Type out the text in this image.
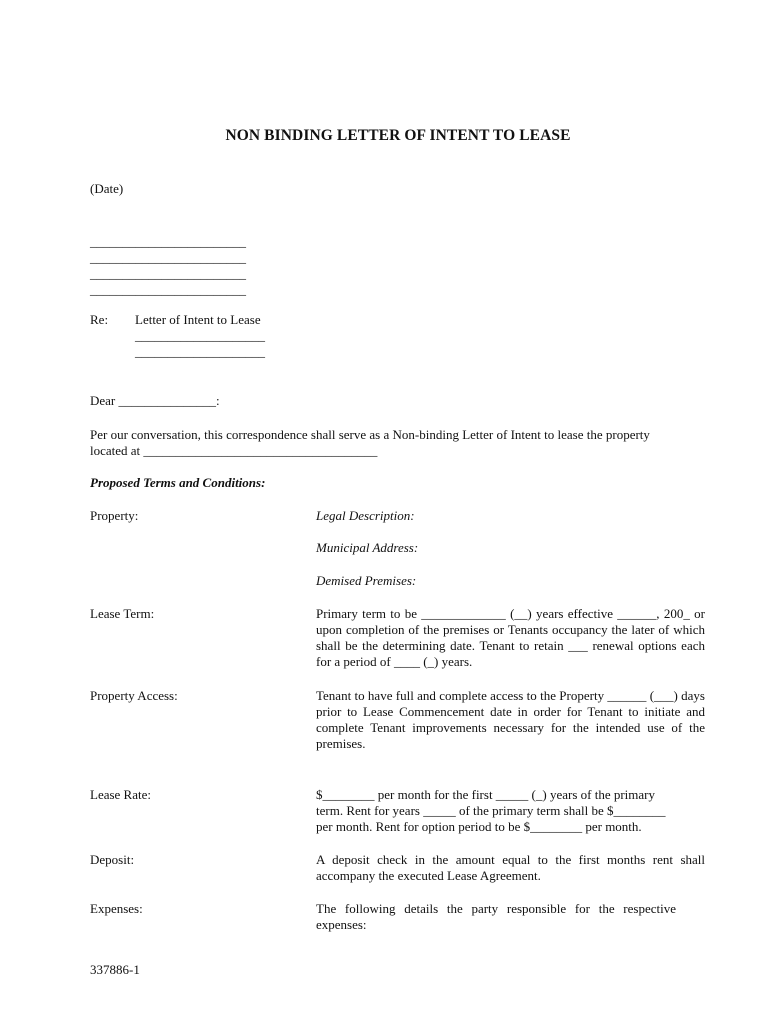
NON BINDING LETTER OF INTENT TO LEASE

(Date)

________________________
________________________
________________________
________________________

Re: Letter of Intent to Lease
____________________
____________________

Dear _______________:

Per our conversation, this correspondence shall serve as a Non-binding Letter of Intent to lease the property
located at ____________________________________

Proposed Terms and Conditions:

Property:	Legal Description:

Municipal Address:

Demised Premises:

Lease Term:	Primary term to be _____________ (__) years effective ______, 200_ or upon completion of the premises or Tenants occupancy the later of which shall be the determining date. Tenant to retain ___ renewal options each for a period of ____ (_) years.

Property Access:	Tenant to have full and complete access to the Property ______ (___) days prior to Lease Commencement date in order for Tenant to initiate and complete Tenant improvements necessary for the intended use of the premises.

Lease Rate:	$________ per month for the first _____ (_) years of the primary
term. Rent for years _____ of the primary term shall be $________
per month. Rent for option period to be $________ per month.

Deposit:	A deposit check in the amount equal to the first months rent shall accompany the executed Lease Agreement.

Expenses:	The following details the party responsible for the respective expenses:

337886-1
